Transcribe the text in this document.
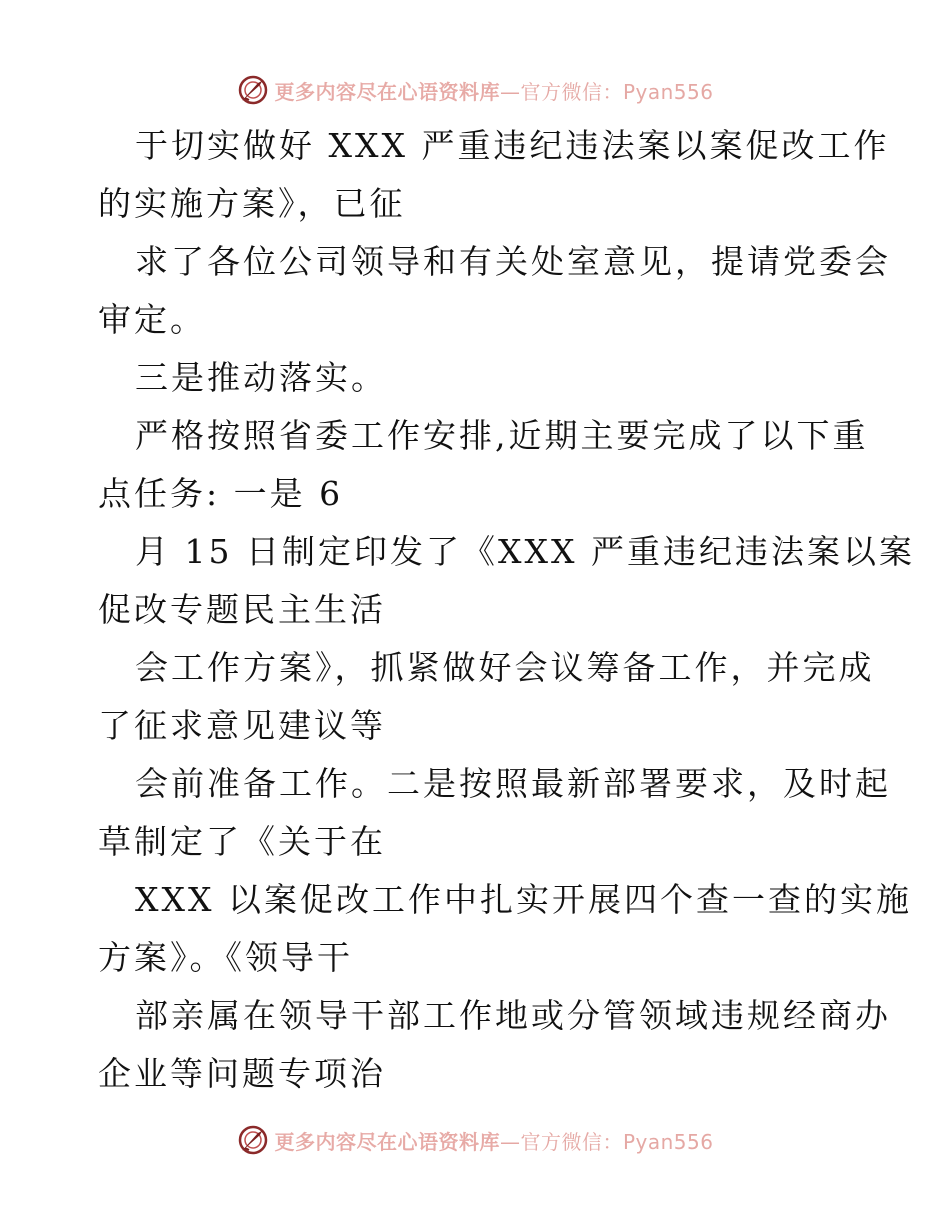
更多内容尽在心语资料库—官方微信：Pyan556
于切实做好 XXX 严重违纪违法案以案促改工作
的实施方案》，已征
求了各位公司领导和有关处室意见，提请党委会
审定。
三是推动落实。
严格按照省委工作安排,近期主要完成了以下重
点任务: 一是 6
月 15 日制定印发了《XXX 严重违纪违法案以案
促改专题民主生活
会工作方案》，抓紧做好会议筹备工作，并完成
了征求意见建议等
会前准备工作。二是按照最新部署要求，及时起
草制定了《关于在
XXX 以案促改工作中扎实开展四个查一查的实施
方案》。《领导干
部亲属在领导干部工作地或分管领域违规经商办
企业等问题专项治
更多内容尽在心语资料库—官方微信：Pyan556
